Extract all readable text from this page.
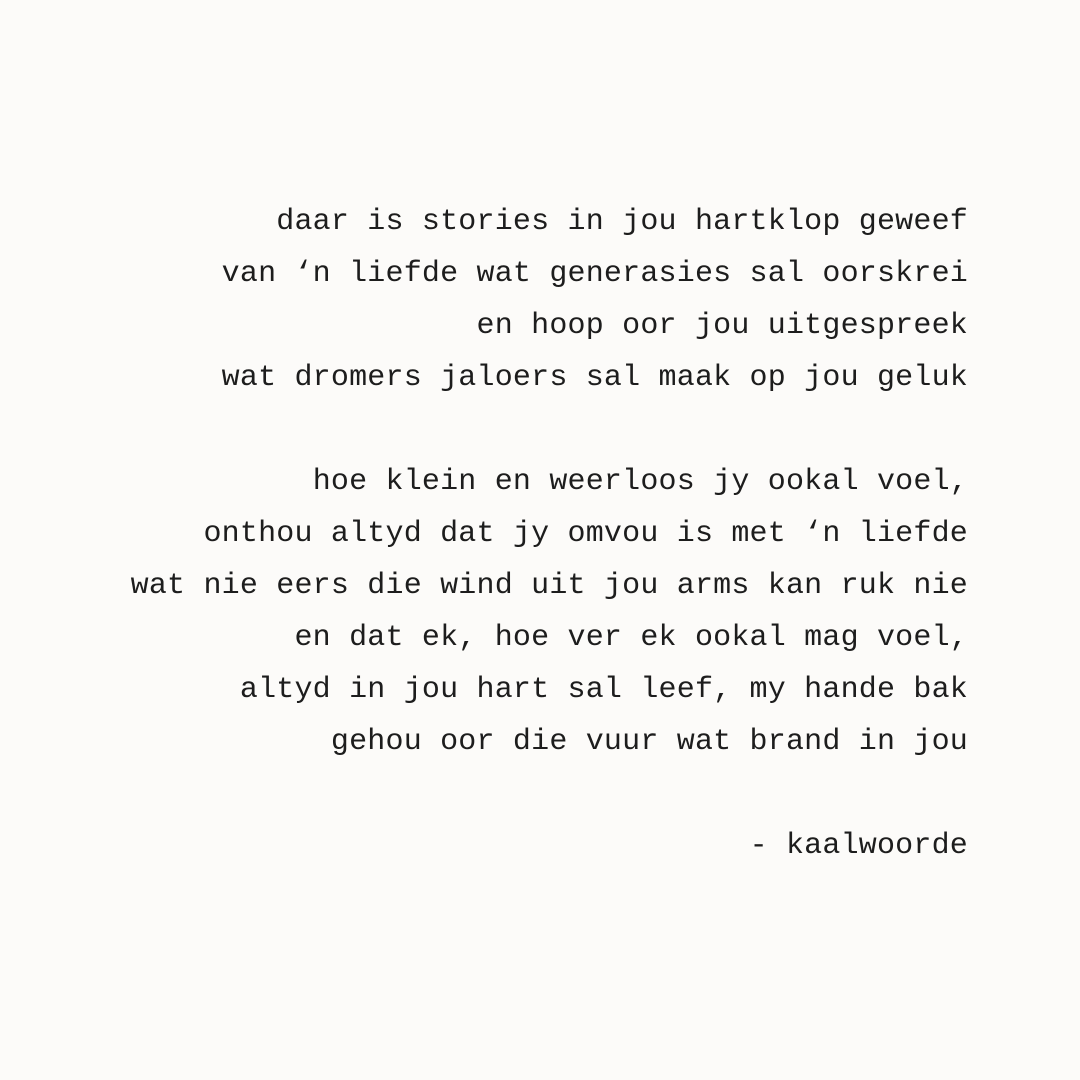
daar is stories in jou hartklop geweef
van ‘n liefde wat generasies sal oorskrei
en hoop oor jou uitgespreek
wat dromers jaloers sal maak op jou geluk

hoe klein en weerloos jy ookal voel,
onthou altyd dat jy omvou is met ‘n liefde
wat nie eers die wind uit jou arms kan ruk nie
en dat ek, hoe ver ek ookal mag voel,
altyd in jou hart sal leef, my hande bak
gehou oor die vuur wat brand in jou

- kaalwoorde
